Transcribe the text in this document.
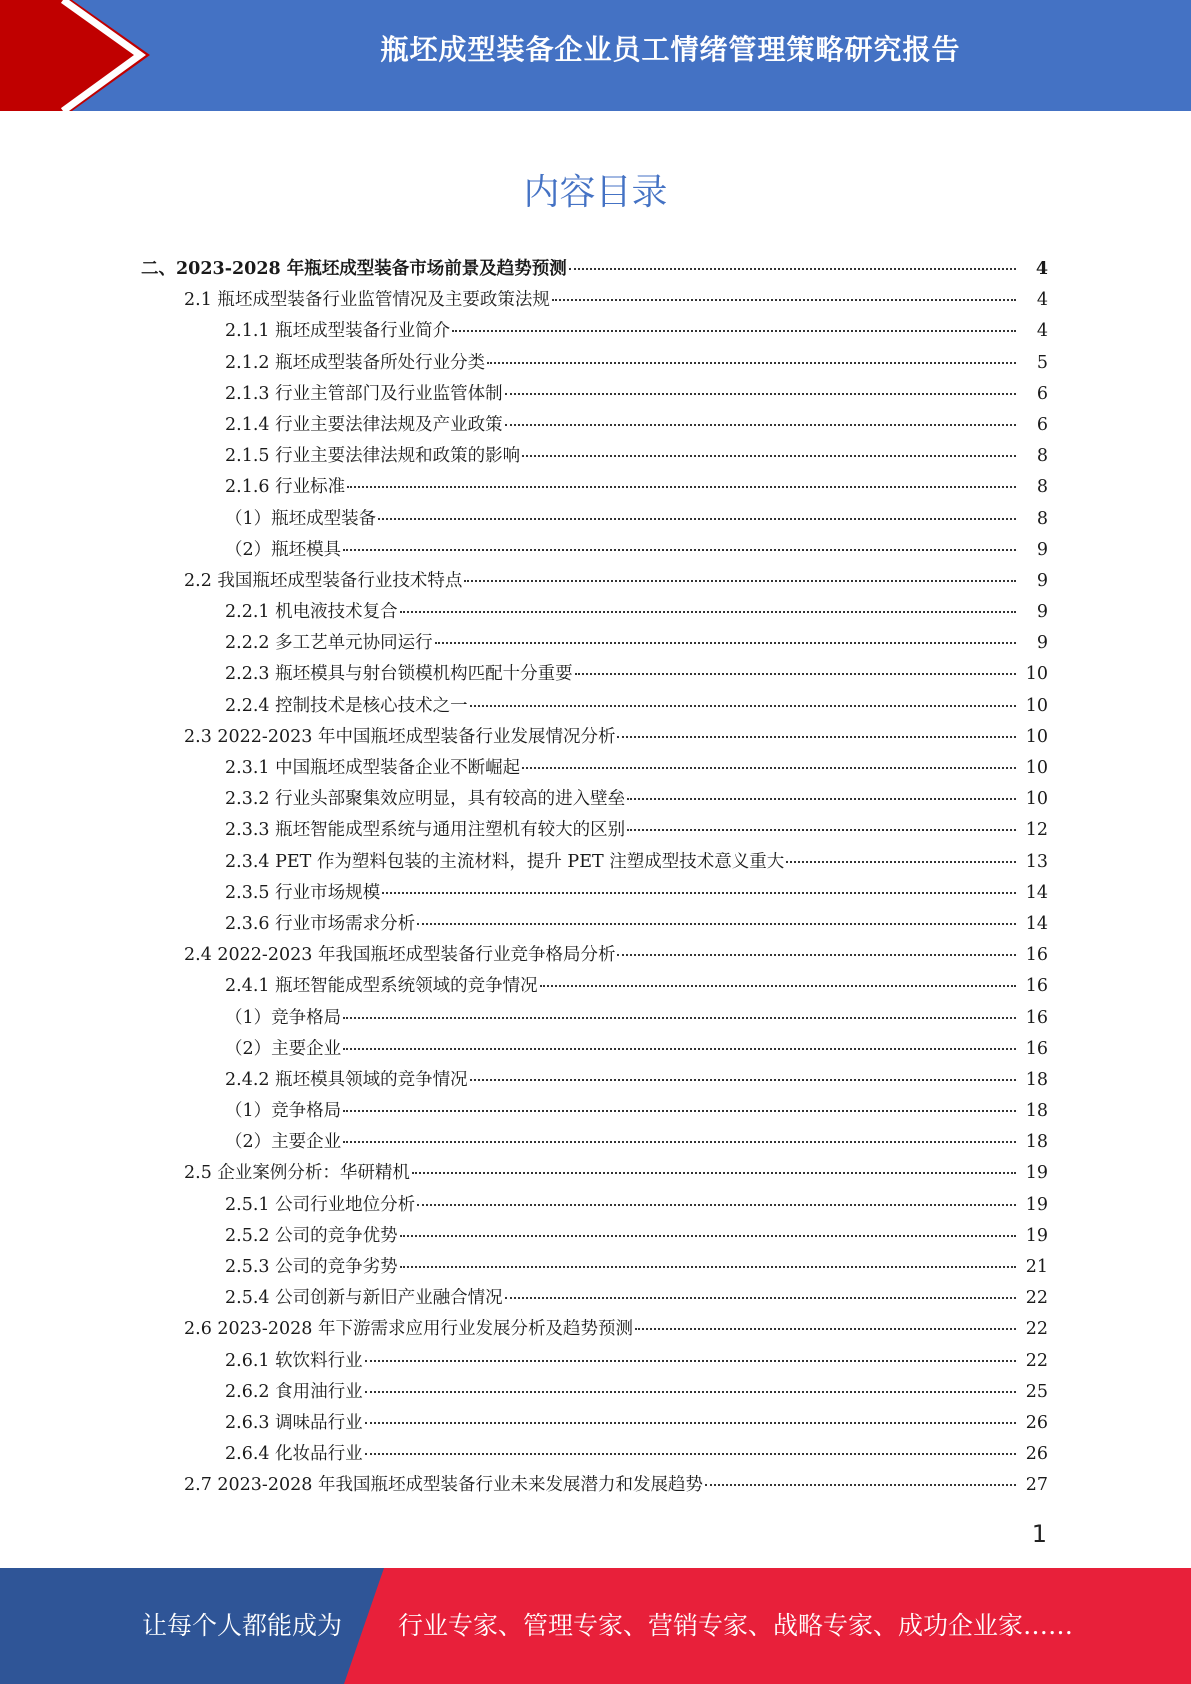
瓶坯成型装备企业员工情绪管理策略研究报告
内容目录
二、2023-2028 年瓶坯成型装备市场前景及趋势预测	4
2.1 瓶坯成型装备行业监管情况及主要政策法规	4
2.1.1 瓶坯成型装备行业简介	4
2.1.2 瓶坯成型装备所处行业分类	5
2.1.3 行业主管部门及行业监管体制	6
2.1.4 行业主要法律法规及产业政策	6
2.1.5 行业主要法律法规和政策的影响	8
2.1.6 行业标准	8
（1）瓶坯成型装备	8
（2）瓶坯模具	9
2.2 我国瓶坯成型装备行业技术特点	9
2.2.1 机电液技术复合	9
2.2.2 多工艺单元协同运行	9
2.2.3 瓶坯模具与射台锁模机构匹配十分重要	10
2.2.4 控制技术是核心技术之一	10
2.3 2022-2023 年中国瓶坯成型装备行业发展情况分析	10
2.3.1 中国瓶坯成型装备企业不断崛起	10
2.3.2 行业头部聚集效应明显，具有较高的进入壁垒	10
2.3.3 瓶坯智能成型系统与通用注塑机有较大的区别	12
2.3.4 PET 作为塑料包装的主流材料，提升 PET 注塑成型技术意义重大	13
2.3.5 行业市场规模	14
2.3.6 行业市场需求分析	14
2.4 2022-2023 年我国瓶坯成型装备行业竞争格局分析	16
2.4.1 瓶坯智能成型系统领域的竞争情况	16
（1）竞争格局	16
（2）主要企业	16
2.4.2 瓶坯模具领域的竞争情况	18
（1）竞争格局	18
（2）主要企业	18
2.5 企业案例分析：华研精机	19
2.5.1 公司行业地位分析	19
2.5.2 公司的竞争优势	19
2.5.3 公司的竞争劣势	21
2.5.4 公司创新与新旧产业融合情况	22
2.6 2023-2028 年下游需求应用行业发展分析及趋势预测	22
2.6.1 软饮料行业	22
2.6.2 食用油行业	25
2.6.3 调味品行业	26
2.6.4 化妆品行业	26
2.7 2023-2028 年我国瓶坯成型装备行业未来发展潜力和发展趋势	27
1
让每个人都能成为 行业专家、管理专家、营销专家、战略专家、成功企业家……
